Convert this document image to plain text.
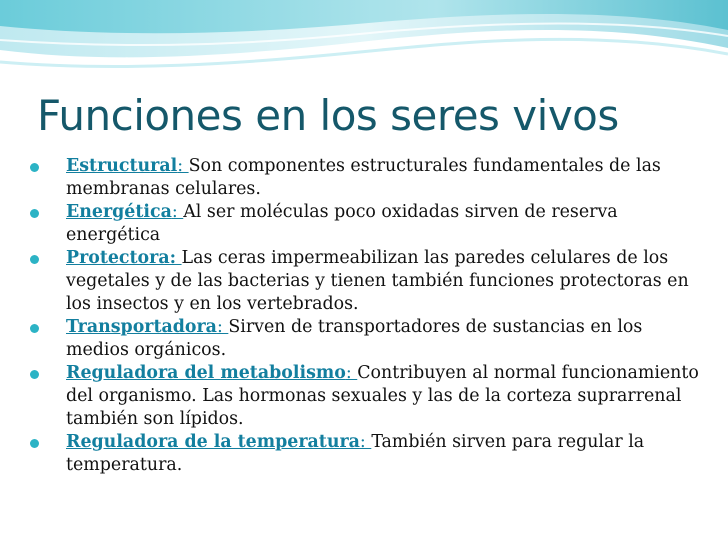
Funciones en los seres vivos
Estructural: Son componentes estructurales fundamentales de las membranas celulares.
Energética: Al ser moléculas poco oxidadas sirven de reserva energética
Protectora: Las ceras impermeabilizan las paredes celulares de los vegetales y de las bacterias y tienen también funciones protectoras en los insectos y en los vertebrados.
Transportadora: Sirven de transportadores de sustancias en los medios orgánicos.
Reguladora del metabolismo: Contribuyen al normal funcionamiento del organismo. Las hormonas sexuales y las de la corteza suprarrenal también son lípidos.
Reguladora de la temperatura: También sirven para regular la temperatura.
